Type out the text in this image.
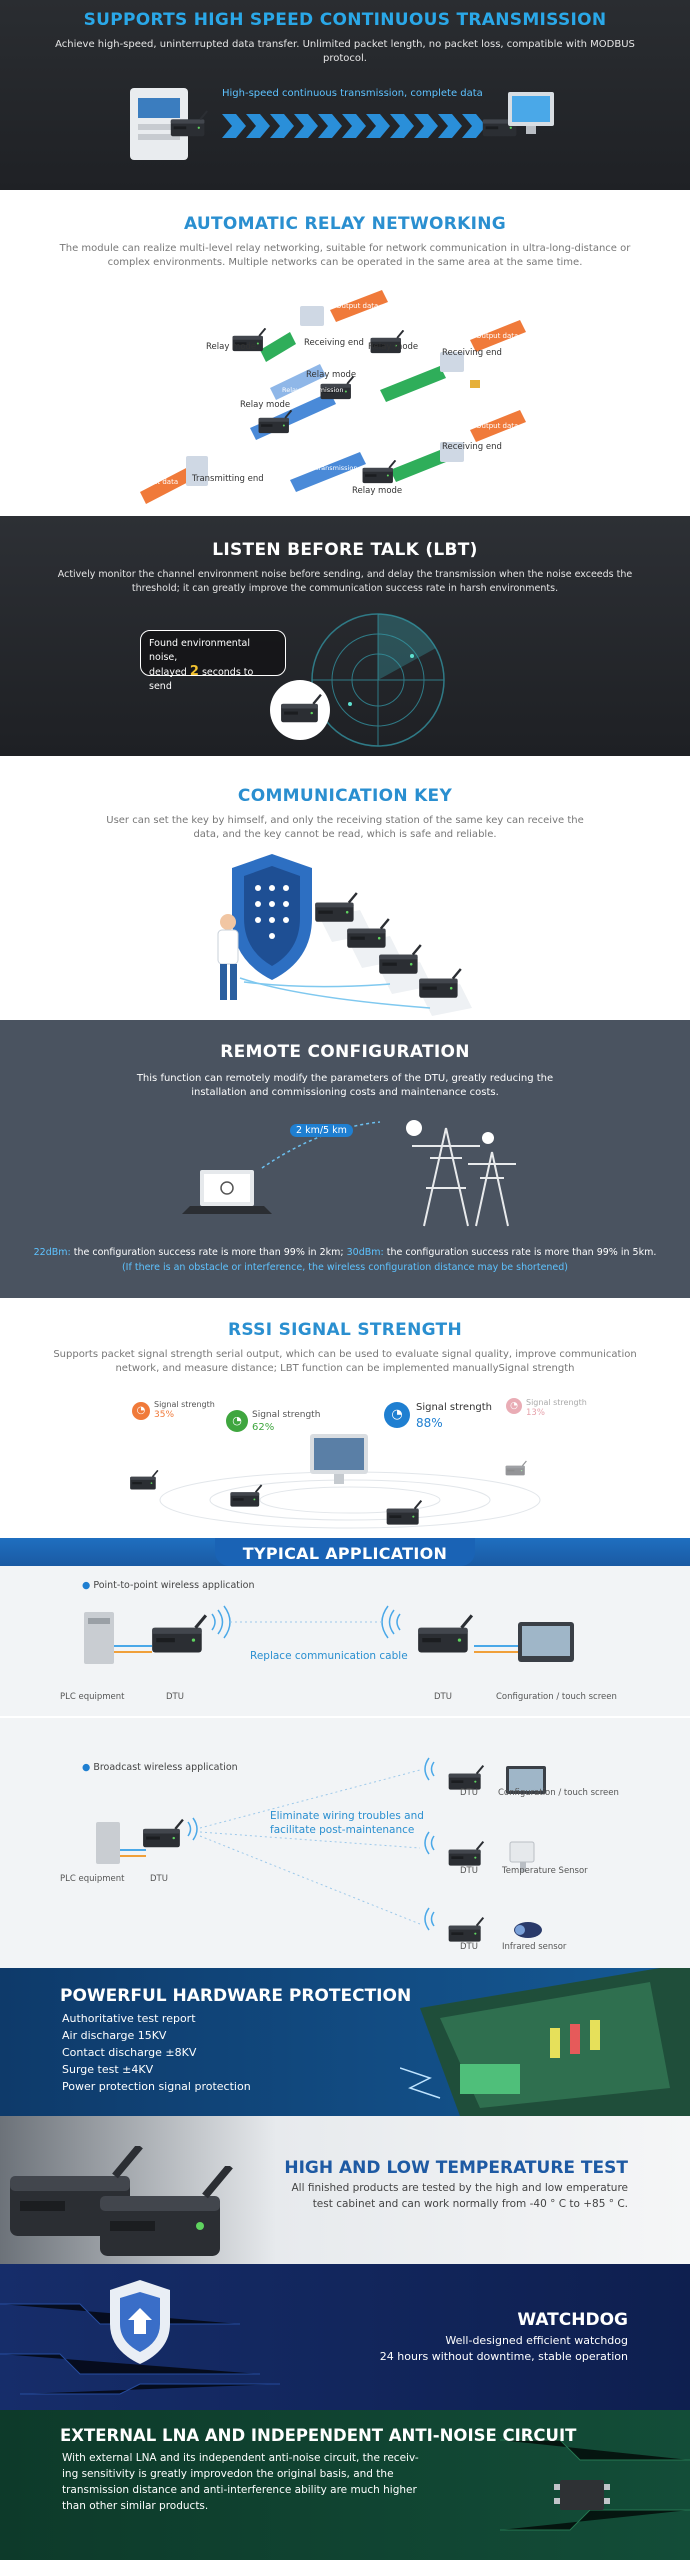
SUPPORTS HIGH SPEED CONTINUOUS TRANSMISSION
Achieve high-speed, uninterrupted data transfer. Unlimited packet length, no packet loss, compatible with MODBUS protocol.
High-speed continuous transmission, complete data
AUTOMATIC RELAY NETWORKING
The module can realize multi-level relay networking, suitable for network communication in ultra-long-distance or complex environments. Multiple networks can be operated in the same area at the same time.
Relay mode	Receiving end Relay mode
Receiving end
Relay mode
Relay mode
Receiving end
Transmitting end
Relay mode
Input data
Output data
Output data
Output data
Send data
Relay transmission
Value transmission
LISTEN BEFORE TALK (LBT)
Actively monitor the channel environment noise before sending, and delay the transmission when the noise exceeds the threshold; it can greatly improve the communication success rate in harsh environments.
Found environmental noise,
delayed 2 seconds to send
COMMUNICATION KEY
User can set the key by himself, and only the receiving station of the same key can receive the data, and the key cannot be read, which is safe and reliable.
REMOTE CONFIGURATION
This function can remotely modify the parameters of the DTU, greatly reducing the installation and commissioning costs and maintenance costs.
2 km/5 km
22dBm: the configuration success rate is more than 99% in 2km; 30dBm: the configuration success rate is more than 99% in 5km.
(If there is an obstacle or interference, the wireless configuration distance may be shortened)
RSSI SIGNAL STRENGTH
Supports packet signal strength serial output, which can be used to evaluate signal quality, improve communication network, and measure distance; LBT function can be implemented manuallySignal strength
◔
Signal strength
35%	◔	Signal strength
62%
◔	Signal strength
88%
◔	Signal strength
13%
TYPICAL APPLICATION
● Point-to-point wireless application
PLC equipment	DTU
Replace communication cable
DTU	Configuration / touch screen
● Broadcast wireless application
PLC equipment	DTU
Eliminate wiring troubles and
facilitate post-maintenance
DTU Configuration / touch screen
DTU	Temperature Sensor
DTU	Infrared sensor
POWERFUL HARDWARE PROTECTION
Authoritative test report
Air discharge 15KV
Contact discharge ±8KV
Surge test ±4KV
Power protection signal protection
HIGH AND LOW TEMPERATURE TEST
All finished products are tested by the high and low emperature
test cabinet and can work normally from -40 ° C to +85 ° C.
WATCHDOG
Well-designed efficient watchdog
24 hours without downtime, stable operation
EXTERNAL LNA AND INDEPENDENT ANTI-NOISE CIRCUIT
With external LNA and its independent anti-noise circuit, the receiv-
ing sensitivity is greatly improvedon the original basis, and the
transmission distance and anti-interference ability are much higher
than other similar products.
